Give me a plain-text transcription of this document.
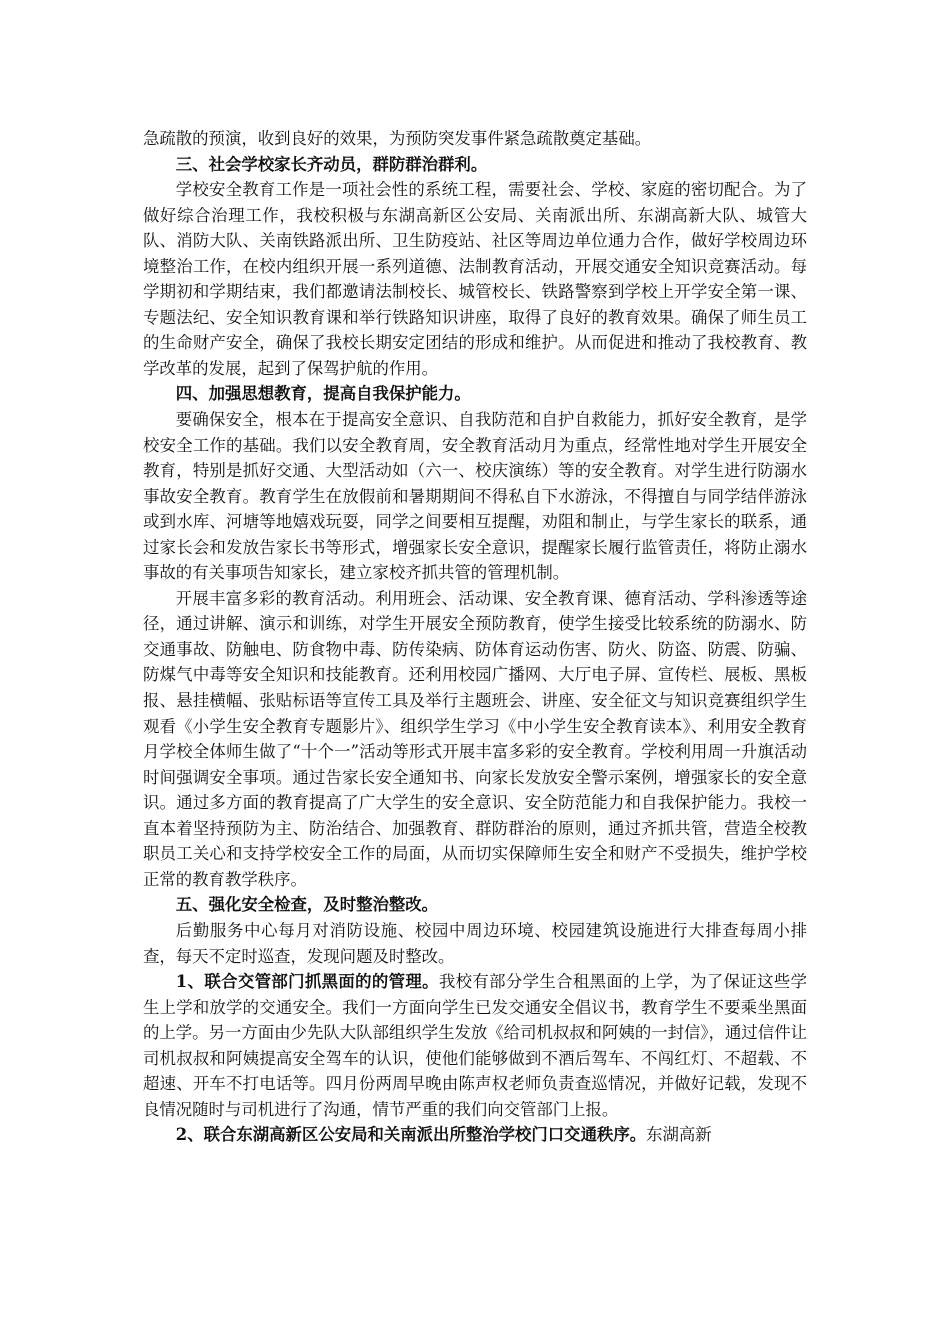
急疏散的预演，收到良好的效果，为预防突发事件紧急疏散奠定基础。

三、社会学校家长齐动员，群防群治群利。

学校安全教育工作是一项社会性的系统工程，需要社会、学校、家庭的密切配合。为了做好综合治理工作，我校积极与东湖高新区公安局、关南派出所、东湖高新大队、城管大队、消防大队、关南铁路派出所、卫生防疫站、社区等周边单位通力合作，做好学校周边环境整治工作，在校内组织开展一系列道德、法制教育活动，开展交通安全知识竞赛活动。每学期初和学期结束，我们都邀请法制校长、城管校长、铁路警察到学校上开学安全第一课、专题法纪、安全知识教育课和举行铁路知识讲座，取得了良好的教育效果。确保了师生员工的生命财产安全，确保了我校长期安定团结的形成和维护。从而促进和推动了我校教育、教学改革的发展，起到了保驾护航的作用。

四、加强思想教育，提高自我保护能力。

要确保安全，根本在于提高安全意识、自我防范和自护自救能力，抓好安全教育，是学校安全工作的基础。我们以安全教育周，安全教育活动月为重点，经常性地对学生开展安全教育，特别是抓好交通、大型活动如（六一、校庆演练）等的安全教育。对学生进行防溺水事故安全教育。教育学生在放假前和暑期期间不得私自下水游泳，不得擅自与同学结伴游泳或到水库、河塘等地嬉戏玩耍，同学之间要相互提醒，劝阻和制止，与学生家长的联系，通过家长会和发放告家长书等形式，增强家长安全意识，提醒家长履行监管责任，将防止溺水事故的有关事项告知家长，建立家校齐抓共管的管理机制。

开展丰富多彩的教育活动。利用班会、活动课、安全教育课、德育活动、学科渗透等途径，通过讲解、演示和训练，对学生开展安全预防教育，使学生接受比较系统的防溺水、防交通事故、防触电、防食物中毒、防传染病、防体育运动伤害、防火、防盗、防震、防骗、防煤气中毒等安全知识和技能教育。还利用校园广播网、大厅电子屏、宣传栏、展板、黑板报、悬挂横幅、张贴标语等宣传工具及举行主题班会、讲座、安全征文与知识竞赛组织学生观看《小学生安全教育专题影片》、组织学生学习《中小学生安全教育读本》、利用安全教育月学校全体师生做了“十个一”活动等形式开展丰富多彩的安全教育。学校利用周一升旗活动时间强调安全事项。通过告家长安全通知书、向家长发放安全警示案例，增强家长的安全意识。通过多方面的教育提高了广大学生的安全意识、安全防范能力和自我保护能力。我校一直本着坚持预防为主、防治结合、加强教育、群防群治的原则，通过齐抓共管，营造全校教职员工关心和支持学校安全工作的局面，从而切实保障师生安全和财产不受损失，维护学校正常的教育教学秩序。

五、强化安全检查，及时整治整改。

后勤服务中心每月对消防设施、校园中周边环境、校园建筑设施进行大排查每周小排查，每天不定时巡查，发现问题及时整改。

1、联合交管部门抓黑面的的管理。我校有部分学生合租黑面的上学，为了保证这些学生上学和放学的交通安全。我们一方面向学生已发交通安全倡议书，教育学生不要乘坐黑面的上学。另一方面由少先队大队部组织学生发放《给司机叔叔和阿姨的一封信》，通过信件让司机叔叔和阿姨提高安全驾车的认识，使他们能够做到不酒后驾车、不闯红灯、不超载、不超速、开车不打电话等。四月份两周早晚由陈声权老师负责查巡情况，并做好记载，发现不良情况随时与司机进行了沟通，情节严重的我们向交管部门上报。

2、联合东湖高新区公安局和关南派出所整治学校门口交通秩序。东湖高新
